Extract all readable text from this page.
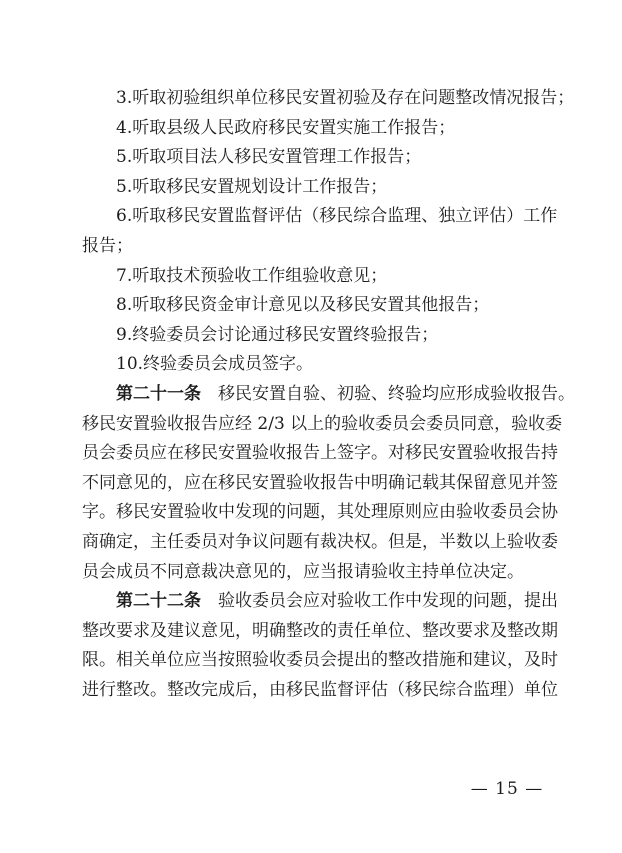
3.听取初验组织单位移民安置初验及存在问题整改情况报告；
4.听取县级人民政府移民安置实施工作报告；
5.听取项目法人移民安置管理工作报告；
5.听取移民安置规划设计工作报告；
6.听取移民安置监督评估（移民综合监理、独立评估）工作
报告；
7.听取技术预验收工作组验收意见；
8.听取移民资金审计意见以及移民安置其他报告；
9.终验委员会讨论通过移民安置终验报告；
10.终验委员会成员签字。
第二十一条　 移民安置自验、初验、终验均应形成验收报告。
移民安置验收报告应经 2/3 以上的验收委员会委员同意，验收委
员会委员应在移民安置验收报告上签字。对移民安置验收报告持
不同意见的，应在移民安置验收报告中明确记载其保留意见并签
字。移民安置验收中发现的问题，其处理原则应由验收委员会协
商确定，主任委员对争议问题有裁决权。但是，半数以上验收委
员会成员不同意裁决意见的，应当报请验收主持单位决定。
第二十二条　 验收委员会应对验收工作中发现的问题，提出
整改要求及建议意见，明确整改的责任单位、整改要求及整改期
限。相关单位应当按照验收委员会提出的整改措施和建议，及时
进行整改。整改完成后，由移民监督评估（移民综合监理）单位
— 15 —
